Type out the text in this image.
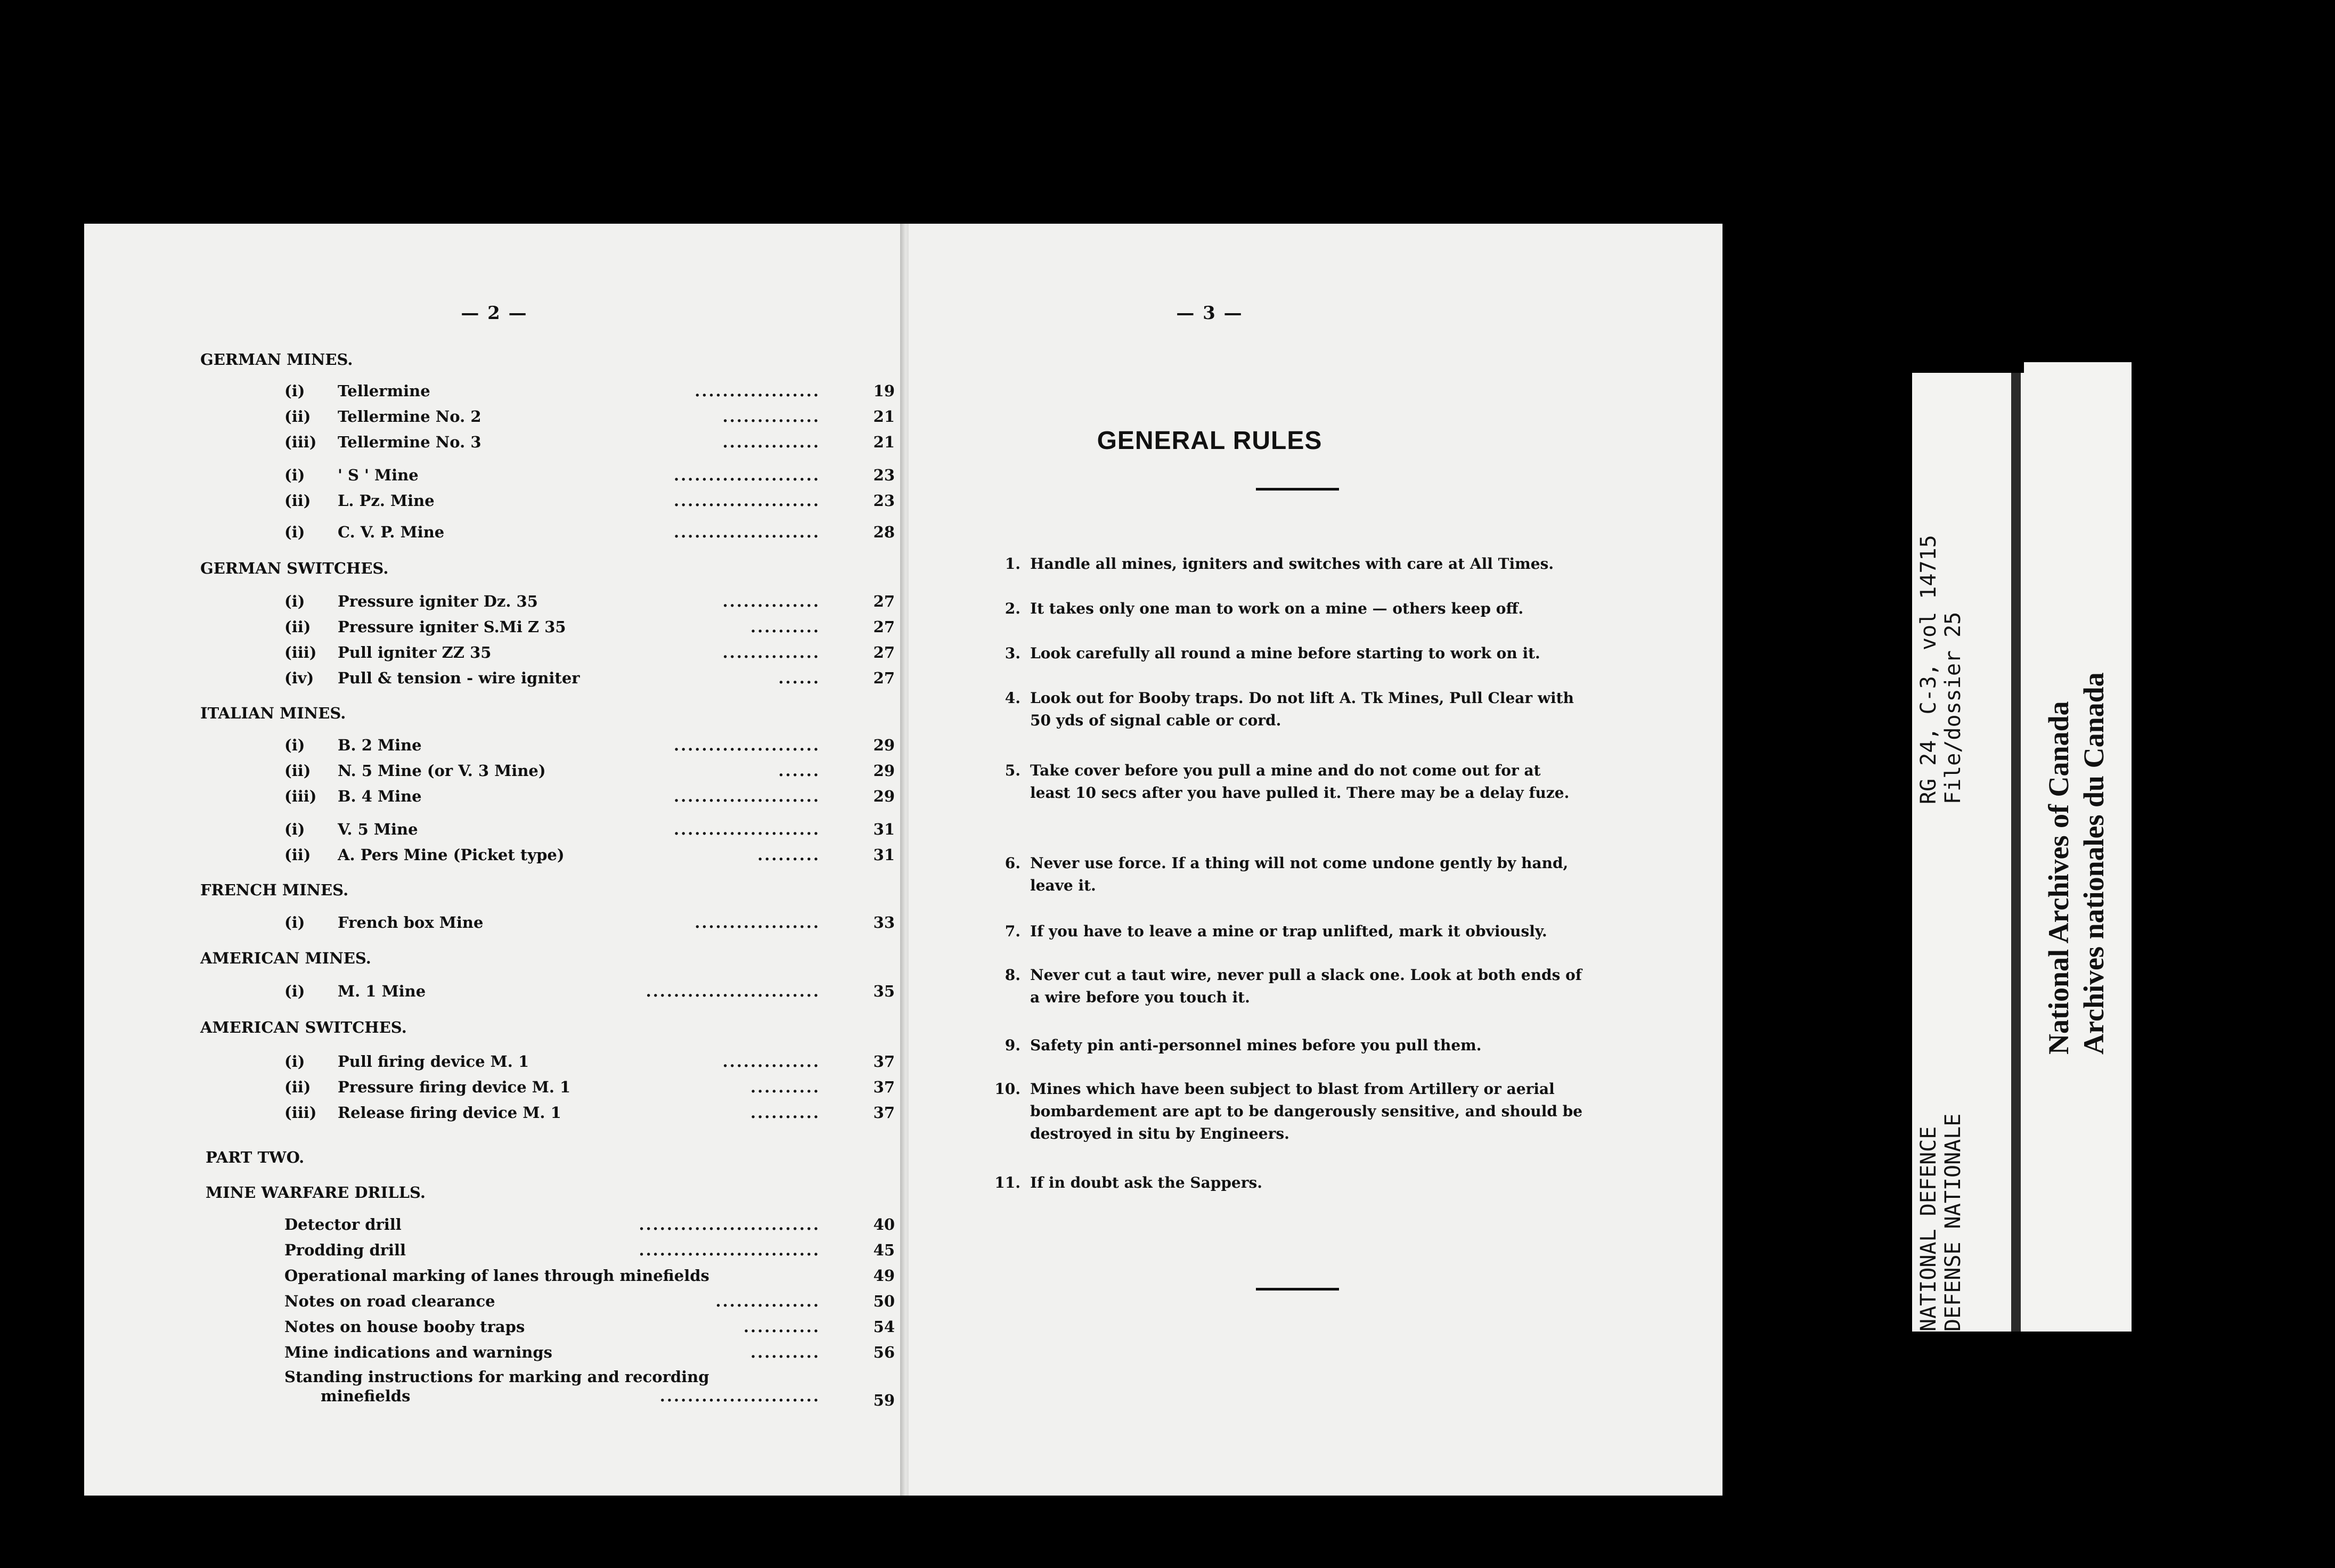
— 2 —
GERMAN MINES.
(i)	Tellermine	..................	19
(ii)	Tellermine No. 2	..............	21
(iii)	Tellermine No. 3	..............	21
(i)	' S ' Mine	.....................	23
(ii)	L. Pz. Mine	.....................	23
(i)	C. V. P. Mine	.....................	28
GERMAN SWITCHES.
(i)	Pressure igniter Dz. 35	..............	27
(ii)	Pressure igniter S.Mi Z 35	..........	27
(iii)	Pull igniter ZZ 35	..............	27
(iv)	Pull & tension - wire igniter	......	27
ITALIAN MINES.
(i)	B. 2 Mine	.....................	29
(ii)	N. 5 Mine (or V. 3 Mine)	......	29
(iii)	B. 4 Mine	.....................	29
(i)	V. 5 Mine	.....................	31
(ii)	A. Pers Mine (Picket type)	.........	31
FRENCH MINES.
(i)	French box Mine	..................	33
AMERICAN MINES.
(i)	M. 1 Mine	.........................	35
AMERICAN SWITCHES.
(i)	Pull firing device M. 1	..............	37
(ii)	Pressure firing device M. 1	..........	37
(iii)	Release firing device M. 1	..........	37
PART TWO.
MINE WARFARE DRILLS.
Detector drill	..........................	40
Prodding drill	..........................	45
Operational marking of lanes through minefields	49
Notes on road clearance	...............	50
Notes on house booby traps	...........	54
Mine indications and warnings	..........	56
Standing instructions for marking and recording
minefields	.......................	59
— 3 —
GENERAL RULES
1. Handle all mines, igniters and switches with care at All Times.
2. It takes only one man to work on a mine — others keep off.
3. Look carefully all round a mine before starting to work on it.
4. Look out for Booby traps. Do not lift A. Tk Mines, Pull Clear with 50 yds of signal cable or cord.
5. Take cover before you pull a mine and do not come out for at least 10 secs after you have pulled it. There may be a delay fuze.
6. Never use force. If a thing will not come undone gently by hand, leave it.
7. If you have to leave a mine or trap unlifted, mark it obviously.
8. Never cut a taut wire, never pull a slack one. Look at both ends of a wire before you touch it.
9. Safety pin anti-personnel mines before you pull them.
10. Mines which have been subject to blast from Artillery or aerial bombardement are apt to be dangerously sensitive, and should be destroyed in situ by Engineers.
11. If in doubt ask the Sappers.
RG 24, C-3, vol 14715 File/dossier 25
NATIONAL DEFENCE DEFENSE NATIONALE
National Archives of Canada Archives nationales du Canada
